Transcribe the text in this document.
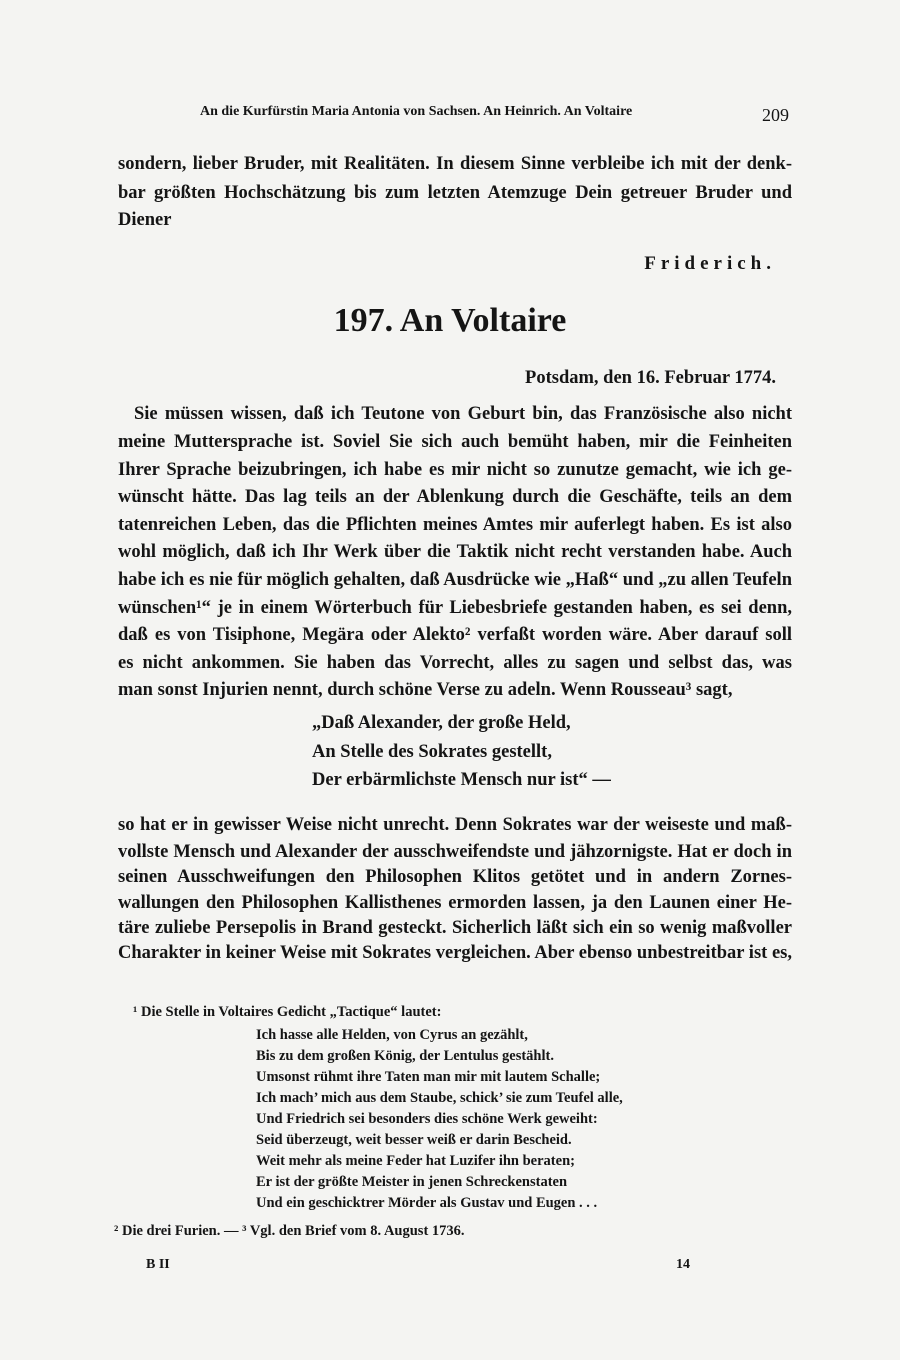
An die Kurfürstin Maria Antonia von Sachsen. An Heinrich. An Voltaire	209
sondern, lieber Bruder, mit Realitäten. In diesem Sinne verbleibe ich mit der denk-
bar größten Hochschätzung bis zum letzten Atemzuge Dein getreuer Bruder und
Diener
Friderich.
197. An Voltaire
Potsdam, den 16. Februar 1774.
Sie müssen wissen, daß ich Teutone von Geburt bin, das Französische also nicht
meine Muttersprache ist. Soviel Sie sich auch bemüht haben, mir die Feinheiten
Ihrer Sprache beizubringen, ich habe es mir nicht so zunutze gemacht, wie ich ge-
wünscht hätte. Das lag teils an der Ablenkung durch die Geschäfte, teils an dem
tatenreichen Leben, das die Pflichten meines Amtes mir auferlegt haben. Es ist also
wohl möglich, daß ich Ihr Werk über die Taktik nicht recht verstanden habe. Auch
habe ich es nie für möglich gehalten, daß Ausdrücke wie „Haß“ und „zu allen Teufeln
wünschen¹“ je in einem Wörterbuch für Liebesbriefe gestanden haben, es sei denn,
daß es von Tisiphone, Megära oder Alekto² verfaßt worden wäre. Aber darauf soll
es nicht ankommen. Sie haben das Vorrecht, alles zu sagen und selbst das, was
man sonst Injurien nennt, durch schöne Verse zu adeln. Wenn Rousseau³ sagt,
„Daß Alexander, der große Held,
An Stelle des Sokrates gestellt,
Der erbärmlichste Mensch nur ist“ —
so hat er in gewisser Weise nicht unrecht. Denn Sokrates war der weiseste und maß-
vollste Mensch und Alexander der ausschweifendste und jähzornigste. Hat er doch in
seinen Ausschweifungen den Philosophen Klitos getötet und in andern Zornes-
wallungen den Philosophen Kallisthenes ermorden lassen, ja den Launen einer He-
täre zuliebe Persepolis in Brand gesteckt. Sicherlich läßt sich ein so wenig maßvoller
Charakter in keiner Weise mit Sokrates vergleichen. Aber ebenso unbestreitbar ist es,
¹ Die Stelle in Voltaires Gedicht „Tactique“ lautet:
Ich hasse alle Helden, von Cyrus an gezählt,
Bis zu dem großen König, der Lentulus gestählt.
Umsonst rühmt ihre Taten man mir mit lautem Schalle;
Ich mach’ mich aus dem Staube, schick’ sie zum Teufel alle,
Und Friedrich sei besonders dies schöne Werk geweiht:
Seid überzeugt, weit besser weiß er darin Bescheid.
Weit mehr als meine Feder hat Luzifer ihn beraten;
Er ist der größte Meister in jenen Schreckenstaten
Und ein geschicktrer Mörder als Gustav und Eugen . . .
² Die drei Furien. — ³ Vgl. den Brief vom 8. August 1736.
B II	14
